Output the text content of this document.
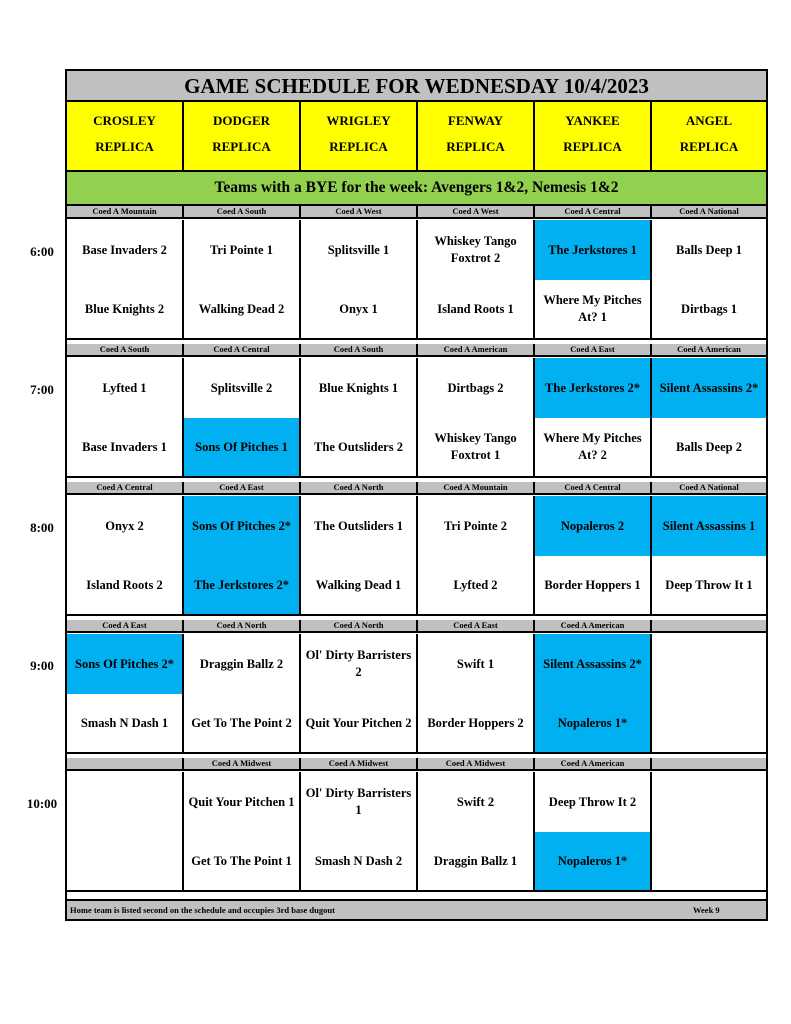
6:00
7:00
8:00
9:00
10:00
GAME SCHEDULE FOR WEDNESDAY 10/4/2023
CROSLEY
REPLICA
DODGER
REPLICA
WRIGLEY
REPLICA
FENWAY
REPLICA
YANKEE
REPLICA
ANGEL
REPLICA
Teams with a BYE for the week: Avengers 1&2, Nemesis 1&2
Coed A Mountain
Base Invaders 2
Blue Knights 2
Coed A South
Tri Pointe 1
Walking Dead 2
Coed A West
Splitsville 1
Onyx 1
Coed A West
Whiskey Tango Foxtrot 2
Island Roots 1
Coed A Central
The Jerkstores 1
Where My Pitches At? 1
Coed A National
Balls Deep 1
Dirtbags 1
Coed A South
Lyfted 1
Base Invaders 1
Coed A Central
Splitsville 2
Sons Of Pitches 1
Coed A South
Blue Knights 1
The Outsliders 2
Coed A American
Dirtbags 2
Whiskey Tango Foxtrot 1
Coed A East
The Jerkstores 2*
Where My Pitches At? 2
Coed A American
Silent Assassins 2*
Balls Deep 2
Coed A Central
Onyx 2
Island Roots 2
Coed A East
Sons Of Pitches 2*
The Jerkstores 2*
Coed A North
The Outsliders 1
Walking Dead 1
Coed A Mountain
Tri Pointe 2
Lyfted 2
Coed A Central
Nopaleros 2
Border Hoppers 1
Coed A National
Silent Assassins 1
Deep Throw It 1
Coed A East
Sons Of Pitches 2*
Smash N Dash 1
Coed A North
Draggin Ballz 2
Get To The Point 2
Coed A North
Ol' Dirty Barristers 2
Quit Your Pitchen 2
Coed A East
Swift 1
Border Hoppers 2
Coed A American
Silent Assassins 2*
Nopaleros 1*
Coed A Midwest
Quit Your Pitchen 1
Get To The Point 1
Coed A Midwest
Ol' Dirty Barristers 1
Smash N Dash 2
Coed A Midwest
Swift 2
Draggin Ballz 1
Coed A American
Deep Throw It 2
Nopaleros 1*
Home team is listed second on the schedule and occupies 3rd base dugout	Week 9
